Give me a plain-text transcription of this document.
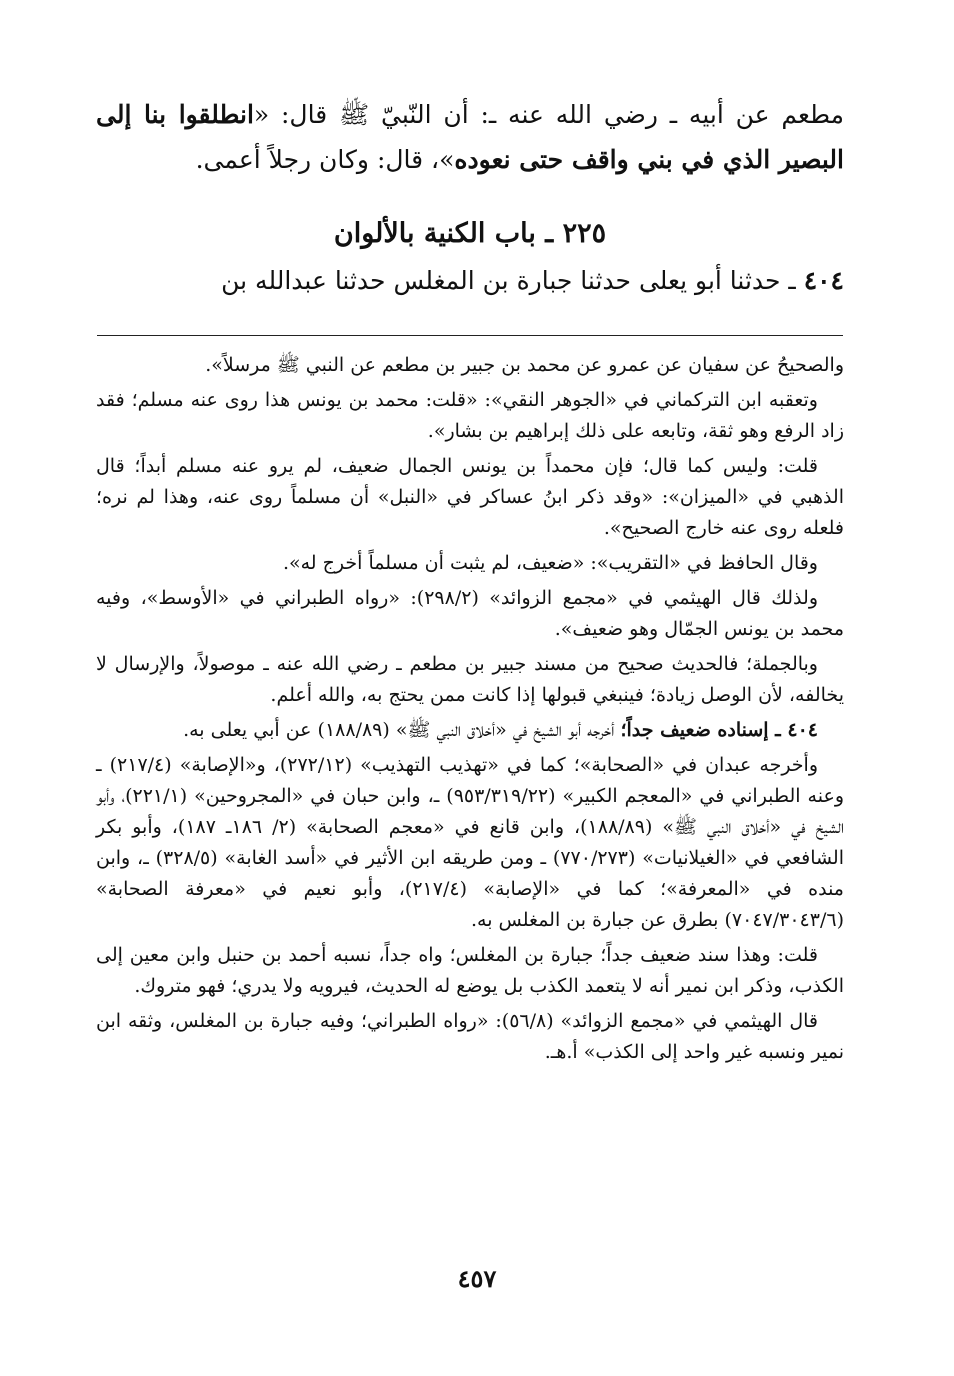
مطعم عن أبيه ـ رضي الله عنه ـ: أن النّبيّ ﷺ قال: «انطلقوا بنا إلى البصير الذي في بني واقف حتى نعوده»، قال: وكان رجلاً أعمى.

٢٢٥ ـ باب الكنية بالألوان

٤٠٤ ـ حدثنا أبو يعلى حدثنا جبارة بن المغلس حدثنا عبدالله بن

والصحيحُ عن سفيان عن عمرو عن محمد بن جبير بن مطعم عن النبي ﷺ مرسلاً».

وتعقبه ابن التركماني في «الجوهر النقي»: «قلت: محمد بن يونس هذا روى عنه مسلم؛ فقد زاد الرفع وهو ثقة، وتابعه على ذلك إبراهيم بن بشار».

قلت: وليس كما قال؛ فإن محمداً بن يونس الجمال ضعيف، لم يرو عنه مسلم أبداً؛ قال الذهبي في «الميزان»: «وقد ذكر ابنُ عساكر في «النبل» أن مسلماً روى عنه، وهذا لم نره؛ فلعله روى عنه خارج الصحيح».

وقال الحافظ في «التقريب»: «ضعيف، لم يثبت أن مسلماً أخرج له».

ولذلك قال الهيثمي في «مجمع الزوائد» (٢٩٨/٢): «رواه الطبراني في «الأوسط»، وفيه محمد بن يونس الجمّال وهو ضعيف».

وبالجملة؛ فالحديث صحيح من مسند جبير بن مطعم ـ رضي الله عنه ـ موصولاً، والإرسال لا يخالفه، لأن الوصل زيادة؛ فينبغي قبولها إذا كانت ممن يحتج به، والله أعلم.

٤٠٤ ـ إسناده ضعيف جداً؛ أخرجه أبو الشيخ في «أخلاق النبي ﷺ» (١٨٨/٨٩) عن أبي يعلى به.

وأخرجه عبدان في «الصحابة»؛ كما في «تهذيب التهذيب» (٢٧٢/١٢)، و«الإصابة» (٢١٧/٤) ـ وعنه الطبراني في «المعجم الكبير» (٩٥٣/٣١٩/٢٢) ـ، وابن حبان في «المجروحين» (٢٢١/١)، وأبو الشيخ في «أخلاق النبي ﷺ» (١٨٨/٨٩)، وابن قانع في «معجم الصحابة» (٢/ ١٨٦ـ ١٨٧)، وأبو بكر الشافعي في «الغيلانيات» (٧٧٠/٢٧٣) ـ ومن طريقه ابن الأثير في «أسد الغابة» (٣٢٨/٥) ـ، وابن منده في «المعرفة»؛ كما في «الإصابة» (٢١٧/٤)، وأبو نعيم في «معرفة الصحابة» (٧٠٤٧/٣٠٤٣/٦) بطرق عن جبارة بن المغلس به.

قلت: وهذا سند ضعيف جداً؛ جبارة بن المغلس؛ واه جداً، نسبه أحمد بن حنبل وابن معين إلى الكذب، وذكر ابن نمير أنه لا يتعمد الكذب بل يوضع له الحديث، فيرويه ولا يدري؛ فهو متروك.

قال الهيثمي في «مجمع الزوائد» (٥٦/٨): «رواه الطبراني؛ وفيه جبارة بن المغلس، وثقه ابن نمير ونسبه غير واحد إلى الكذب» أ.هـ.

٤٥٧
